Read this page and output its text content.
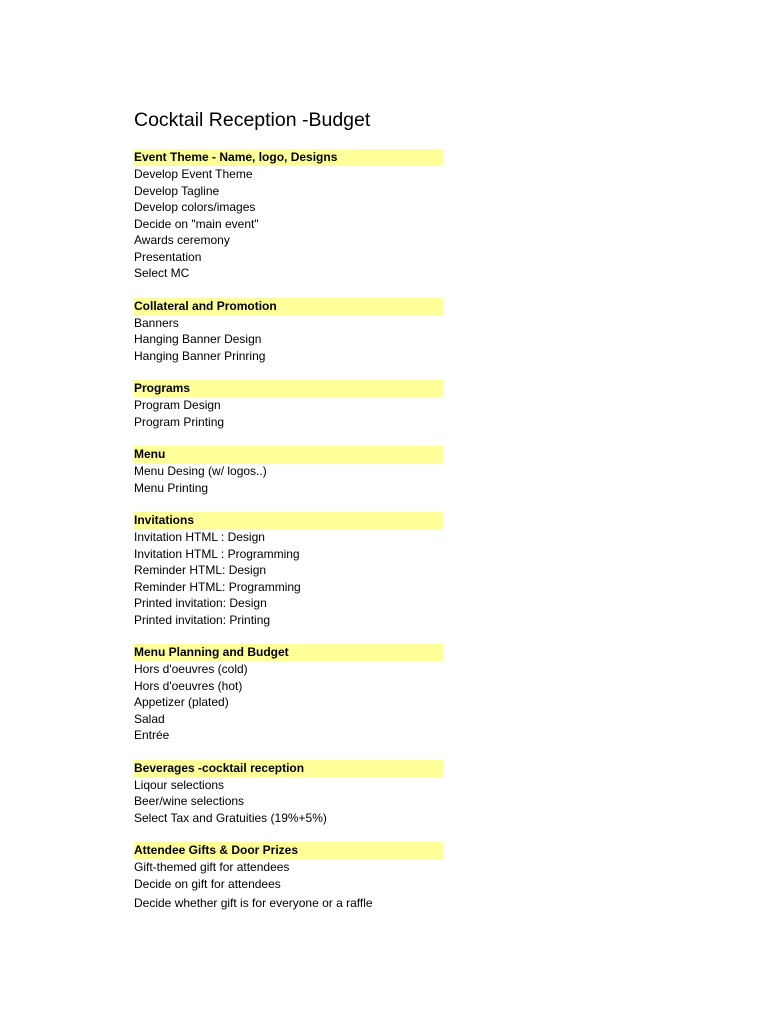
Cocktail Reception -Budget
Event Theme - Name, logo, Designs
Develop Event Theme
Develop Tagline
Develop colors/images
Decide on "main event"
Awards ceremony
Presentation
Select MC
Collateral and Promotion
Banners
Hanging Banner Design
Hanging Banner Prinring
Programs
Program Design
Program Printing
Menu
Menu Desing (w/ logos..)
Menu Printing
Invitations
Invitation HTML : Design
Invitation HTML : Programming
Reminder HTML: Design
Reminder HTML: Programming
Printed invitation: Design
Printed invitation: Printing
Menu Planning and Budget
Hors d'oeuvres (cold)
Hors d'oeuvres (hot)
Appetizer (plated)
Salad
Entrée
Beverages -cocktail reception
Liqour selections
Beer/wine selections
Select Tax and Gratuities (19%+5%)
Attendee Gifts & Door Prizes
Gift-themed gift for attendees
Decide on gift for attendees
Decide whether gift is for everyone or a raffle
